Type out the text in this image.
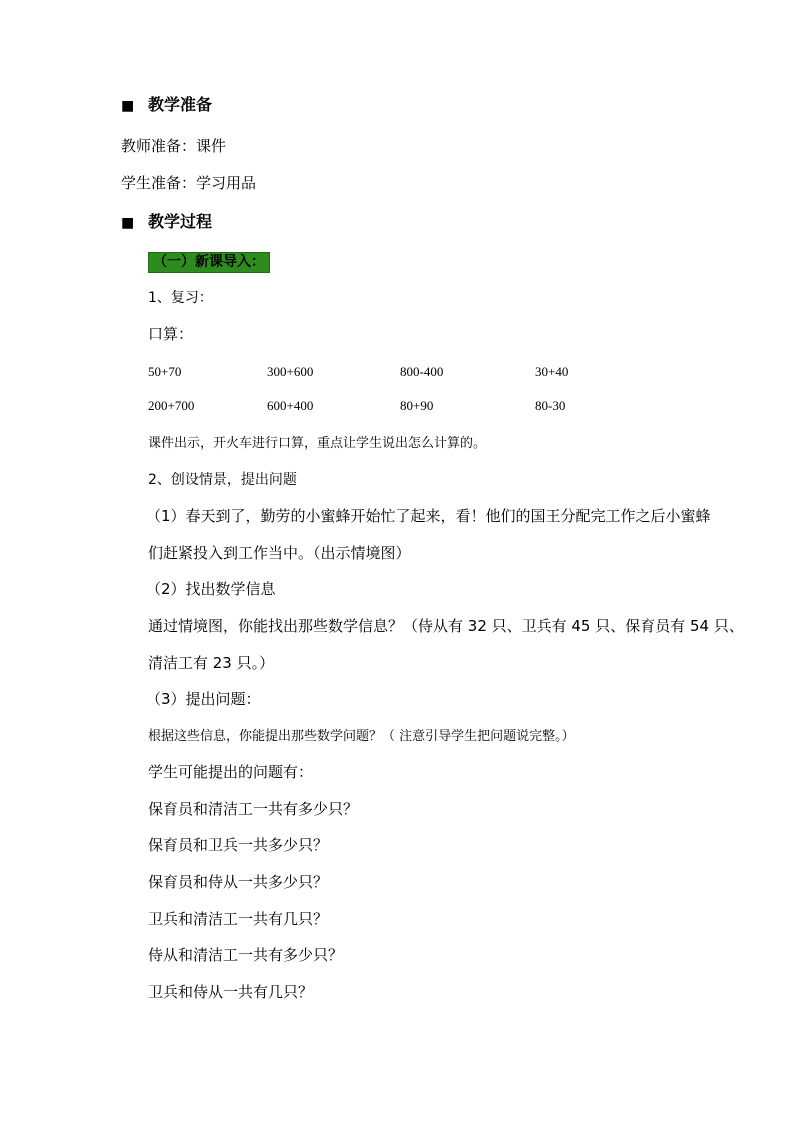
■ 教学准备
教师准备：课件
学生准备：学习用品
■ 教学过程
（一）新课导入：
1、复习：
口算：
50+70	300+600	800-400	30+40
200+700	600+400	80+90	80-30
课件出示，开火车进行口算，重点让学生说出怎么计算的。
2、创设情景，提出问题
（1）春天到了，勤劳的小蜜蜂开始忙了起来，看！他们的国王分配完工作之后小蜜蜂
们赶紧投入到工作当中。（出示情境图）
（2）找出数学信息
通过情境图，你能找出那些数学信息？（侍从有 32 只、卫兵有 45 只、保育员有 54 只、
清洁工有 23 只。）
（3）提出问题：
根据这些信息，你能提出那些数学问题？（ 注意引导学生把问题说完整。）
学生可能提出的问题有：
保育员和清洁工一共有多少只？
保育员和卫兵一共多少只？
保育员和侍从一共多少只？
卫兵和清洁工一共有几只？
侍从和清洁工一共有多少只？
卫兵和侍从一共有几只？
